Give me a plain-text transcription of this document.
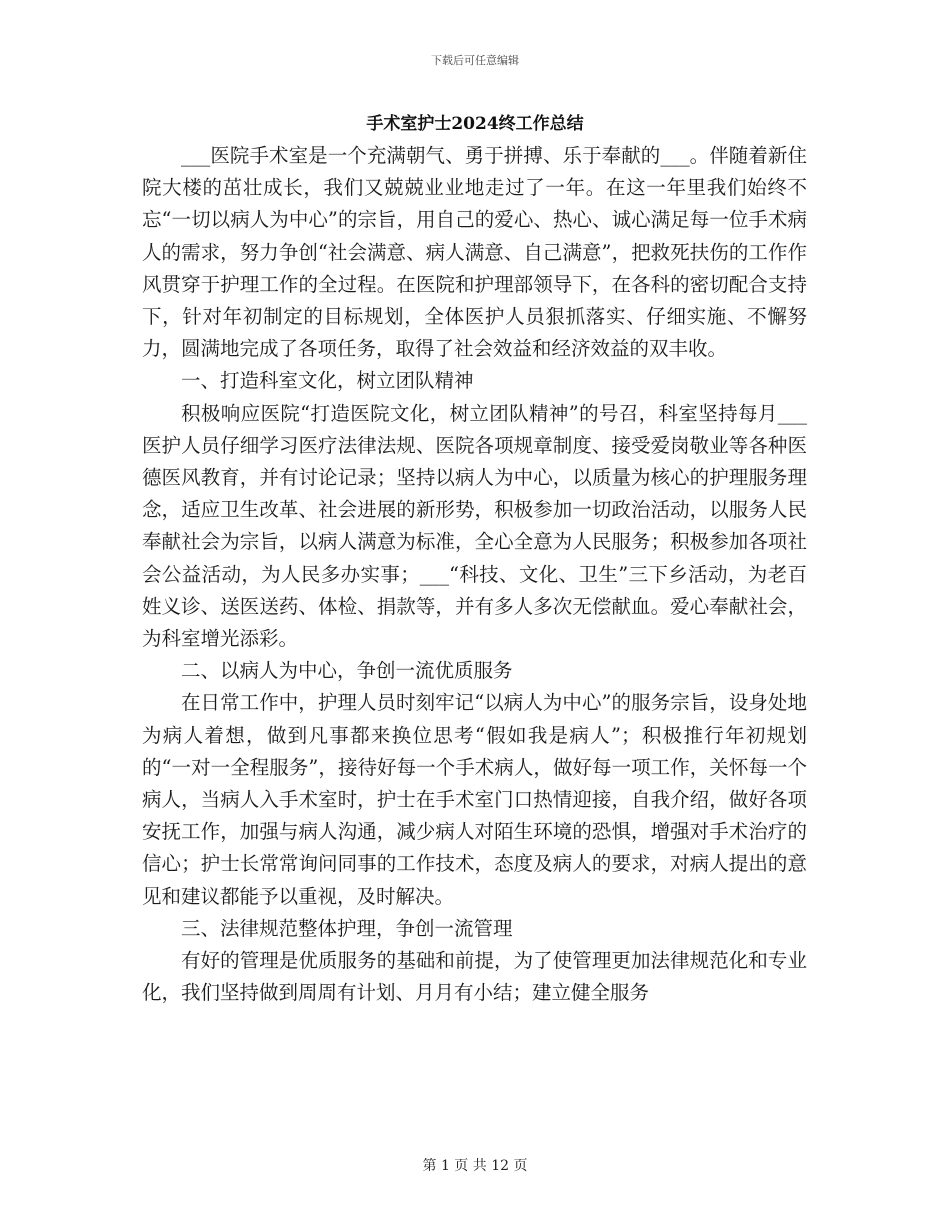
下载后可任意编辑
手术室护士2024终工作总结

___医院手术室是一个充满朝气、勇于拼搏、乐于奉献的___。伴随着新住院大楼的茁壮成长，我们又兢兢业业地走过了一年。在这一年里我们始终不忘“一切以病人为中心”的宗旨，用自己的爱心、热心、诚心满足每一位手术病人的需求，努力争创“社会满意、病人满意、自己满意”，把救死扶伤的工作作风贯穿于护理工作的全过程。在医院和护理部领导下，在各科的密切配合支持下，针对年初制定的目标规划，全体医护人员狠抓落实、仔细实施、不懈努力，圆满地完成了各项任务，取得了社会效益和经济效益的双丰收。

一、打造科室文化，树立团队精神

积极响应医院“打造医院文化，树立团队精神”的号召，科室坚持每月___医护人员仔细学习医疗法律法规、医院各项规章制度、接受爱岗敬业等各种医德医风教育，并有讨论记录；坚持以病人为中心，以质量为核心的护理服务理念，适应卫生改革、社会进展的新形势，积极参加一切政治活动，以服务人民奉献社会为宗旨，以病人满意为标准，全心全意为人民服务；积极参加各项社会公益活动，为人民多办实事；___“科技、文化、卫生”三下乡活动，为老百姓义诊、送医送药、体检、捐款等，并有多人多次无偿献血。爱心奉献社会，为科室增光添彩。

二、以病人为中心，争创一流优质服务

在日常工作中，护理人员时刻牢记“以病人为中心”的服务宗旨，设身处地为病人着想，做到凡事都来换位思考“假如我是病人”；积极推行年初规划的“一对一全程服务”，接待好每一个手术病人，做好每一项工作，关怀每一个病人，当病人入手术室时，护士在手术室门口热情迎接，自我介绍，做好各项安抚工作，加强与病人沟通，减少病人对陌生环境的恐惧，增强对手术治疗的信心；护士长常常询问同事的工作技术，态度及病人的要求，对病人提出的意见和建议都能予以重视，及时解决。

三、法律规范整体护理，争创一流管理

有好的管理是优质服务的基础和前提，为了使管理更加法律规范化和专业化，我们坚持做到周周有计划、月月有小结；建立健全服务

第 1 页 共 12 页
